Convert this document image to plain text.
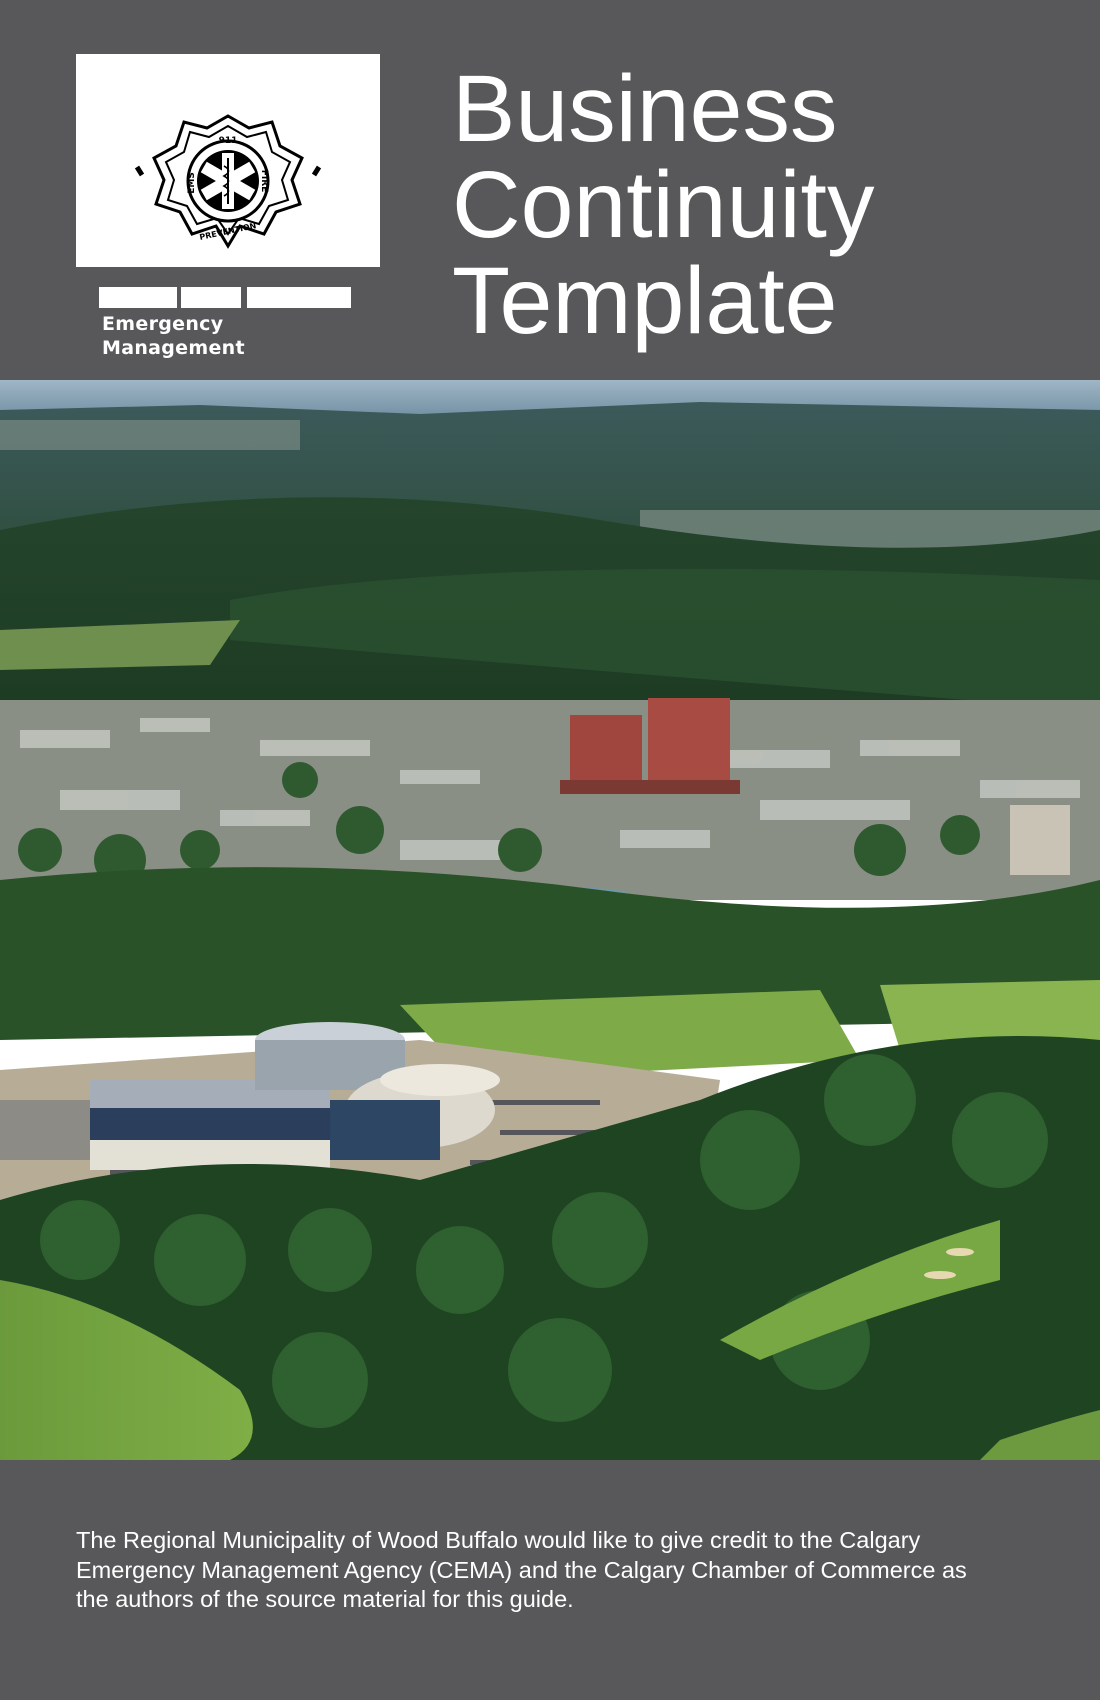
911
EMS	FIRE
PREVENTION
Emergency
Management
Business
Continuity
Template
The Regional Municipality of Wood Buffalo would like to give credit to the Calgary Emergency Management Agency (CEMA) and the Calgary Chamber of Commerce as the authors of the source material for this guide.
